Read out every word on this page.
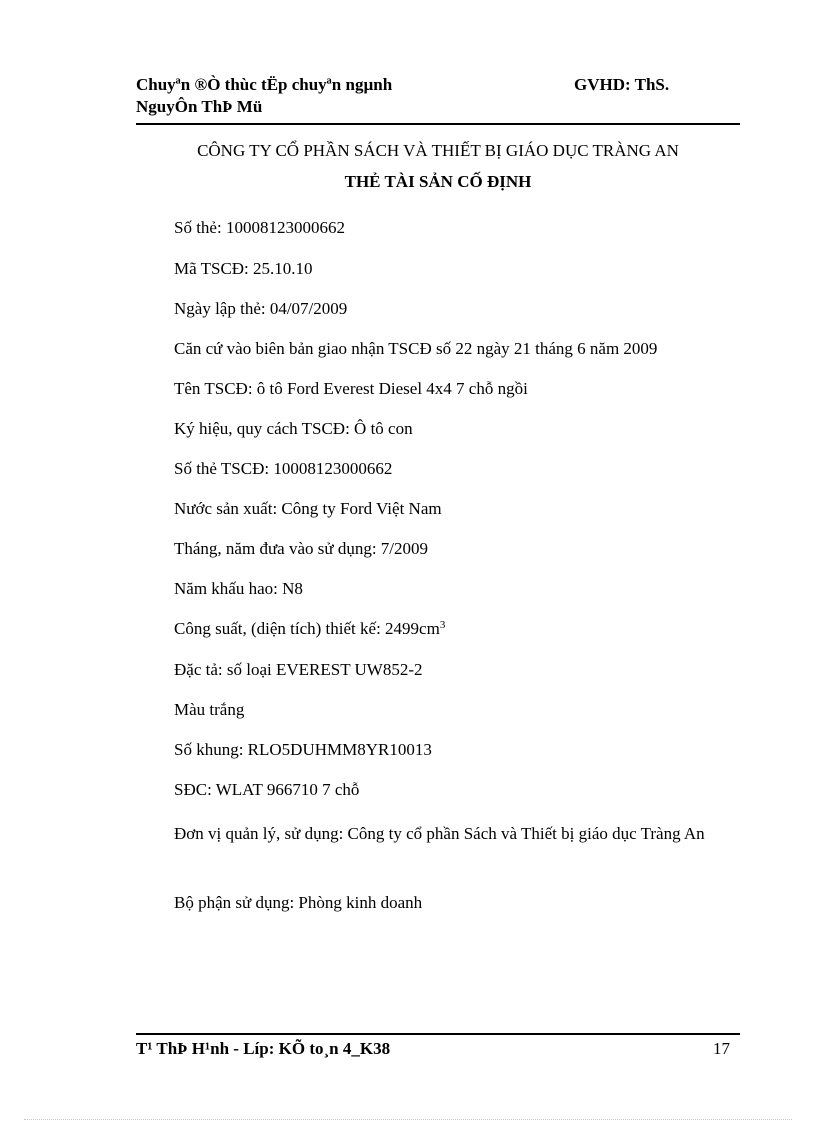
Chuyªn ®Ò thùc tËp chuyªn ngµnh
NguyÔn ThÞ Mü
GVHD: ThS.
CÔNG TY CỔ PHẦN SÁCH VÀ THIẾT BỊ GIÁO DỤC TRÀNG AN
THẺ TÀI SẢN CỐ ĐỊNH
Số thẻ: 10008123000662
Mã TSCĐ: 25.10.10
Ngày lập thẻ: 04/07/2009
Căn cứ vào biên bản giao nhận TSCĐ số 22 ngày 21 tháng 6 năm 2009
Tên TSCĐ: ô tô Ford Everest Diesel 4x4 7 chỗ ngồi
Ký hiệu, quy cách TSCĐ: Ô tô con
Số thẻ TSCĐ: 10008123000662
Nước sản xuất: Công ty Ford Việt Nam
Tháng, năm đưa vào sử dụng: 7/2009
Năm khấu hao: N8
Công suất, (diện tích) thiết kế: $2499cm^3$
Đặc tả: số loại EVEREST UW852-2
Màu trắng
Số khung: RLO5DUHMM8YR10013
SĐC: WLAT 966710 7 chỗ
Đơn vị quản lý, sử dụng: Công ty cổ phần Sách và Thiết bị giáo dục Tràng An
Bộ phận sử dụng: Phòng kinh doanh
T¹ ThÞ H¹nh - Líp: KÕ to¸n 4_K38	17
